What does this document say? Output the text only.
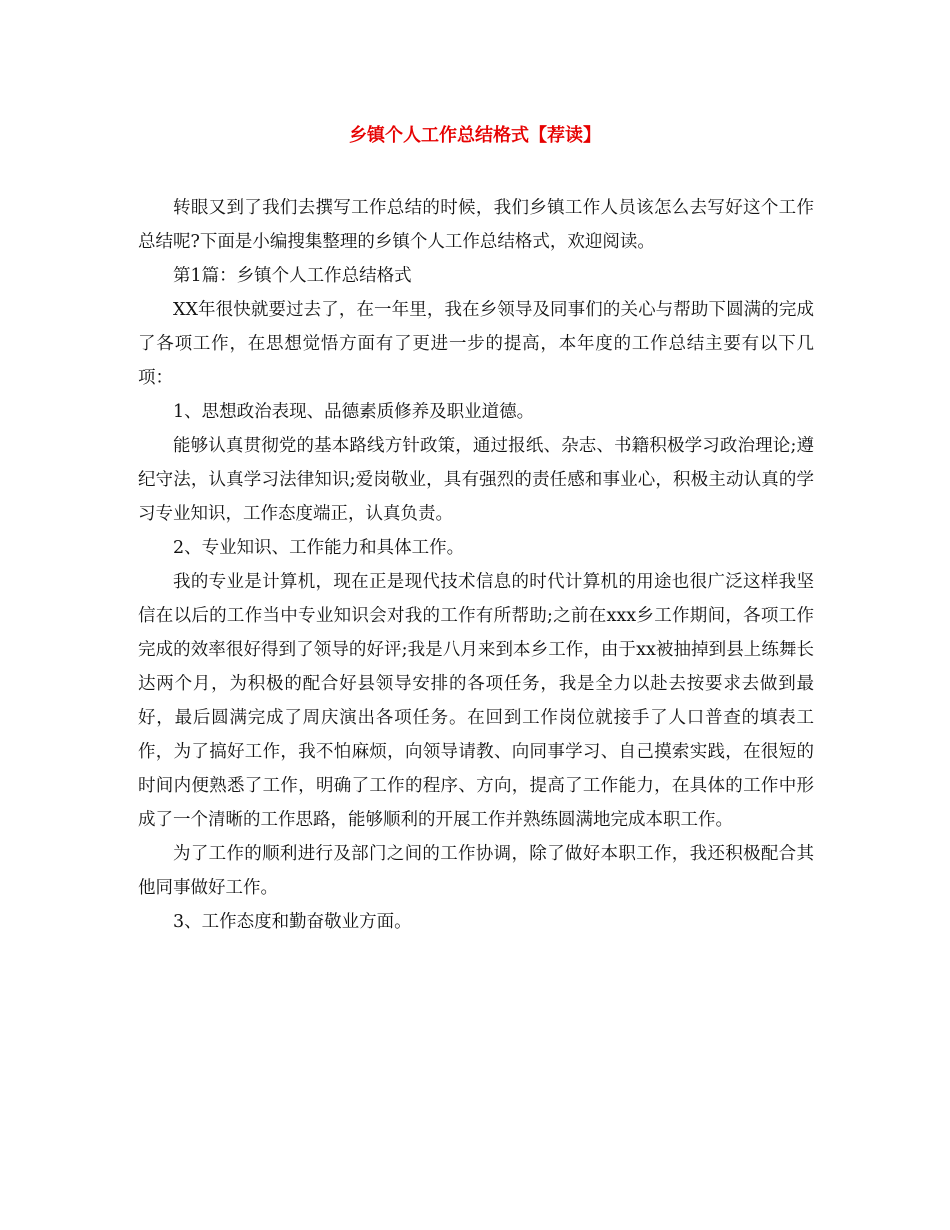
乡镇个人工作总结格式【荐读】

转眼又到了我们去撰写工作总结的时候，我们乡镇工作人员该怎么去写好这个工作总结呢?下面是小编搜集整理的乡镇个人工作总结格式，欢迎阅读。

第1篇：乡镇个人工作总结格式

XX年很快就要过去了，在一年里，我在乡领导及同事们的关心与帮助下圆满的完成了各项工作，在思想觉悟方面有了更进一步的提高，本年度的工作总结主要有以下几项：

1、思想政治表现、品德素质修养及职业道德。

能够认真贯彻党的基本路线方针政策，通过报纸、杂志、书籍积极学习政治理论;遵纪守法，认真学习法律知识;爱岗敬业，具有强烈的责任感和事业心，积极主动认真的学习专业知识，工作态度端正，认真负责。

2、专业知识、工作能力和具体工作。

我的专业是计算机，现在正是现代技术信息的时代计算机的用途也很广泛这样我坚信在以后的工作当中专业知识会对我的工作有所帮助;之前在xxx乡工作期间，各项工作完成的效率很好得到了领导的好评;我是八月来到本乡工作，由于xx被抽掉到县上练舞长达两个月，为积极的配合好县领导安排的各项任务，我是全力以赴去按要求去做到最好，最后圆满完成了周庆演出各项任务。在回到工作岗位就接手了人口普查的填表工作，为了搞好工作，我不怕麻烦，向领导请教、向同事学习、自己摸索实践，在很短的时间内便熟悉了工作，明确了工作的程序、方向，提高了工作能力，在具体的工作中形成了一个清晰的工作思路，能够顺利的开展工作并熟练圆满地完成本职工作。

为了工作的顺利进行及部门之间的工作协调，除了做好本职工作，我还积极配合其他同事做好工作。

3、工作态度和勤奋敬业方面。
